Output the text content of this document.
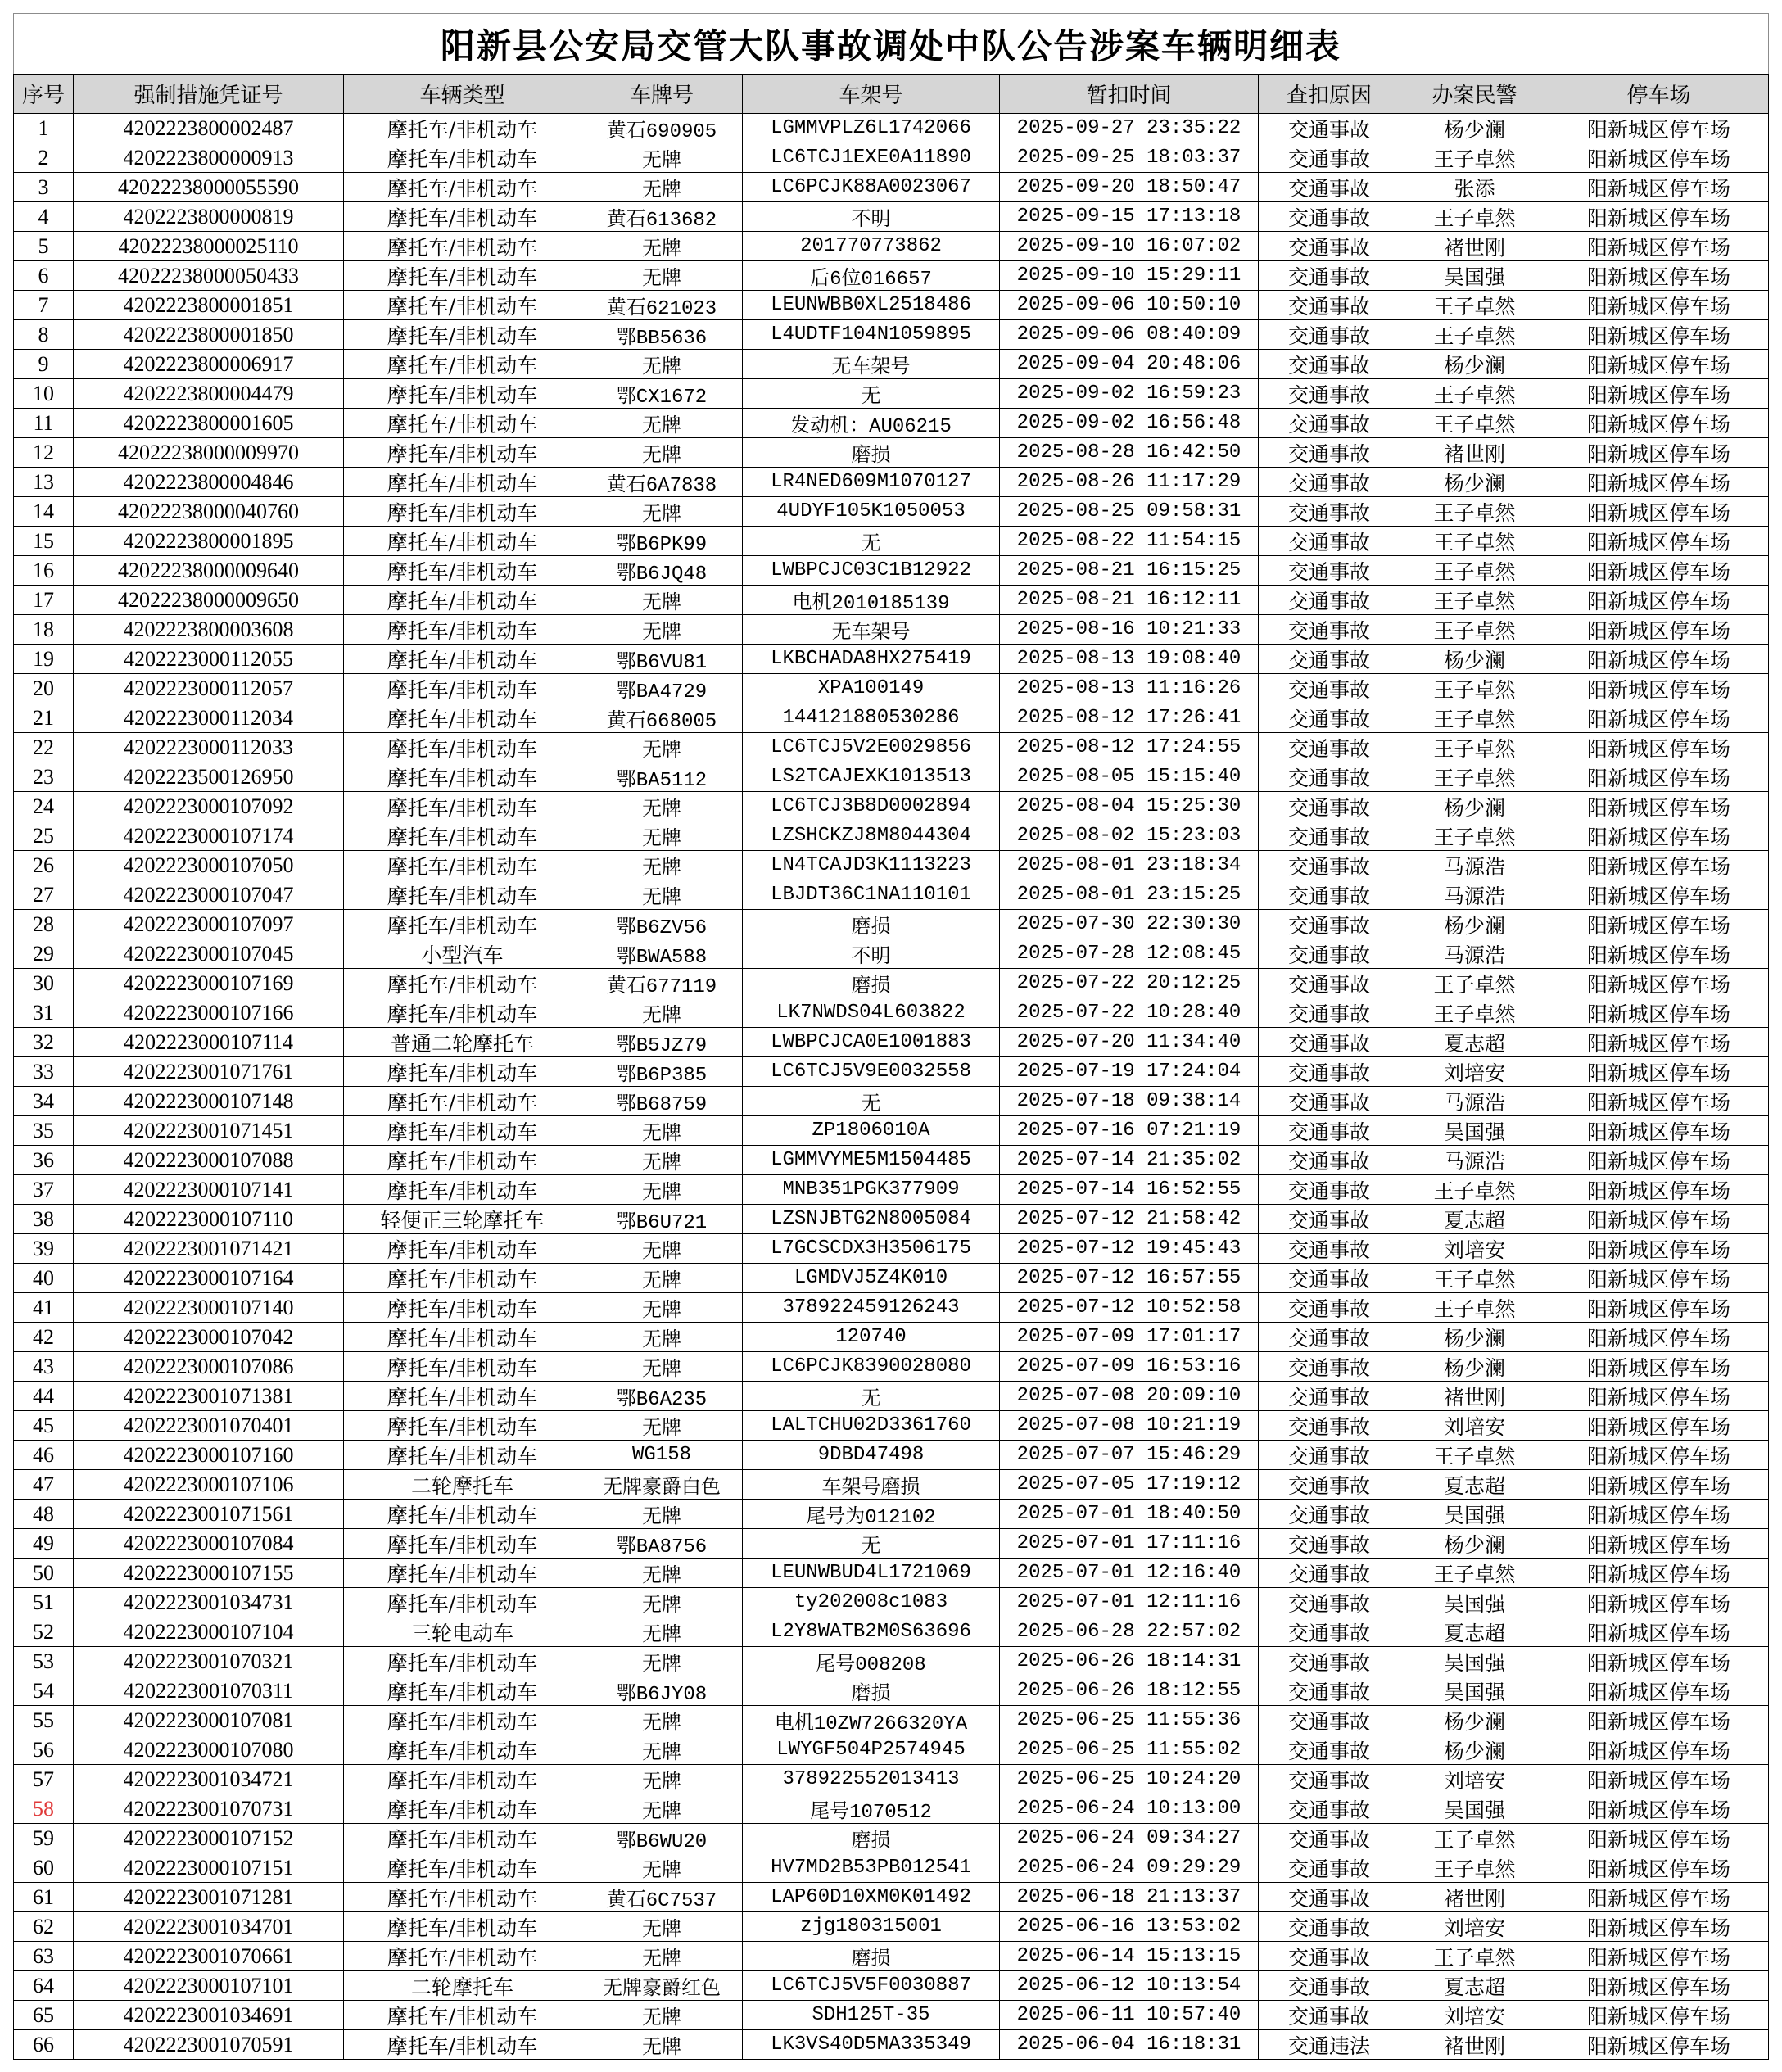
阳新县公安局交管大队事故调处中队公告涉案车辆明细表
序号	强制措施凭证号	车辆类型	车牌号	车架号	暂扣时间	查扣原因	办案民警	停车场
1	4202223800002487	摩托车/非机动车	黄石690905	LGMMVPLZ6L1742066	2025-09-27 23:35:22	交通事故	杨少澜	阳新城区停车场
2	4202223800000913	摩托车/非机动车	无牌	LC6TCJ1EXE0A11890	2025-09-25 18:03:37	交通事故	王子卓然	阳新城区停车场
3	42022238000055590	摩托车/非机动车	无牌	LC6PCJK88A0023067	2025-09-20 18:50:47	交通事故	张添	阳新城区停车场
4	4202223800000819	摩托车/非机动车	黄石613682	不明	2025-09-15 17:13:18	交通事故	王子卓然	阳新城区停车场
5	42022238000025110	摩托车/非机动车	无牌	201770773862	2025-09-10 16:07:02	交通事故	褚世刚	阳新城区停车场
6	42022238000050433	摩托车/非机动车	无牌	后6位016657	2025-09-10 15:29:11	交通事故	吴国强	阳新城区停车场
7	4202223800001851	摩托车/非机动车	黄石621023	LEUNWBB0XL2518486	2025-09-06 10:50:10	交通事故	王子卓然	阳新城区停车场
8	4202223800001850	摩托车/非机动车	鄂BB5636	L4UDTF104N1059895	2025-09-06 08:40:09	交通事故	王子卓然	阳新城区停车场
9	4202223800006917	摩托车/非机动车	无牌	无车架号	2025-09-04 20:48:06	交通事故	杨少澜	阳新城区停车场
10	4202223800004479	摩托车/非机动车	鄂CX1672	无	2025-09-02 16:59:23	交通事故	王子卓然	阳新城区停车场
11	4202223800001605	摩托车/非机动车	无牌	发动机：AU06215	2025-09-02 16:56:48	交通事故	王子卓然	阳新城区停车场
12	42022238000009970	摩托车/非机动车	无牌	磨损	2025-08-28 16:42:50	交通事故	褚世刚	阳新城区停车场
13	4202223800004846	摩托车/非机动车	黄石6A7838	LR4NED609M1070127	2025-08-26 11:17:29	交通事故	杨少澜	阳新城区停车场
14	42022238000040760	摩托车/非机动车	无牌	4UDYF105K1050053	2025-08-25 09:58:31	交通事故	王子卓然	阳新城区停车场
15	4202223800001895	摩托车/非机动车	鄂B6PK99	无	2025-08-22 11:54:15	交通事故	王子卓然	阳新城区停车场
16	42022238000009640	摩托车/非机动车	鄂B6JQ48	LWBPCJC03C1B12922	2025-08-21 16:15:25	交通事故	王子卓然	阳新城区停车场
17	42022238000009650	摩托车/非机动车	无牌	电机2010185139	2025-08-21 16:12:11	交通事故	王子卓然	阳新城区停车场
18	4202223800003608	摩托车/非机动车	无牌	无车架号	2025-08-16 10:21:33	交通事故	王子卓然	阳新城区停车场
19	4202223000112055	摩托车/非机动车	鄂B6VU81	LKBCHADA8HX275419	2025-08-13 19:08:40	交通事故	杨少澜	阳新城区停车场
20	4202223000112057	摩托车/非机动车	鄂BA4729	XPA100149	2025-08-13 11:16:26	交通事故	王子卓然	阳新城区停车场
21	4202223000112034	摩托车/非机动车	黄石668005	144121880530286	2025-08-12 17:26:41	交通事故	王子卓然	阳新城区停车场
22	4202223000112033	摩托车/非机动车	无牌	LC6TCJ5V2E0029856	2025-08-12 17:24:55	交通事故	王子卓然	阳新城区停车场
23	4202223500126950	摩托车/非机动车	鄂BA5112	LS2TCAJEXK1013513	2025-08-05 15:15:40	交通事故	王子卓然	阳新城区停车场
24	4202223000107092	摩托车/非机动车	无牌	LC6TCJ3B8D0002894	2025-08-04 15:25:30	交通事故	杨少澜	阳新城区停车场
25	4202223000107174	摩托车/非机动车	无牌	LZSHCKZJ8M8044304	2025-08-02 15:23:03	交通事故	王子卓然	阳新城区停车场
26	4202223000107050	摩托车/非机动车	无牌	LN4TCAJD3K1113223	2025-08-01 23:18:34	交通事故	马源浩	阳新城区停车场
27	4202223000107047	摩托车/非机动车	无牌	LBJDT36C1NA110101	2025-08-01 23:15:25	交通事故	马源浩	阳新城区停车场
28	4202223000107097	摩托车/非机动车	鄂B6ZV56	磨损	2025-07-30 22:30:30	交通事故	杨少澜	阳新城区停车场
29	4202223000107045	小型汽车	鄂BWA588	不明	2025-07-28 12:08:45	交通事故	马源浩	阳新城区停车场
30	4202223000107169	摩托车/非机动车	黄石677119	磨损	2025-07-22 20:12:25	交通事故	王子卓然	阳新城区停车场
31	4202223000107166	摩托车/非机动车	无牌	LK7NWDS04L603822	2025-07-22 10:28:40	交通事故	王子卓然	阳新城区停车场
32	4202223000107114	普通二轮摩托车	鄂B5JZ79	LWBPCJCA0E1001883	2025-07-20 11:34:40	交通事故	夏志超	阳新城区停车场
33	4202223001071761	摩托车/非机动车	鄂B6P385	LC6TCJ5V9E0032558	2025-07-19 17:24:04	交通事故	刘培安	阳新城区停车场
34	4202223000107148	摩托车/非机动车	鄂B68759	无	2025-07-18 09:38:14	交通事故	马源浩	阳新城区停车场
35	4202223001071451	摩托车/非机动车	无牌	ZP1806010A	2025-07-16 07:21:19	交通事故	吴国强	阳新城区停车场
36	4202223000107088	摩托车/非机动车	无牌	LGMMVYME5M1504485	2025-07-14 21:35:02	交通事故	马源浩	阳新城区停车场
37	4202223000107141	摩托车/非机动车	无牌	MNB351PGK377909	2025-07-14 16:52:55	交通事故	王子卓然	阳新城区停车场
38	4202223000107110	轻便正三轮摩托车	鄂B6U721	LZSNJBTG2N8005084	2025-07-12 21:58:42	交通事故	夏志超	阳新城区停车场
39	4202223001071421	摩托车/非机动车	无牌	L7GCSCDX3H3506175	2025-07-12 19:45:43	交通事故	刘培安	阳新城区停车场
40	4202223000107164	摩托车/非机动车	无牌	LGMDVJ5Z4K010	2025-07-12 16:57:55	交通事故	王子卓然	阳新城区停车场
41	4202223000107140	摩托车/非机动车	无牌	378922459126243	2025-07-12 10:52:58	交通事故	王子卓然	阳新城区停车场
42	4202223000107042	摩托车/非机动车	无牌	120740	2025-07-09 17:01:17	交通事故	杨少澜	阳新城区停车场
43	4202223000107086	摩托车/非机动车	无牌	LC6PCJK8390028080	2025-07-09 16:53:16	交通事故	杨少澜	阳新城区停车场
44	4202223001071381	摩托车/非机动车	鄂B6A235	无	2025-07-08 20:09:10	交通事故	褚世刚	阳新城区停车场
45	4202223001070401	摩托车/非机动车	无牌	LALTCHU02D3361760	2025-07-08 10:21:19	交通事故	刘培安	阳新城区停车场
46	4202223000107160	摩托车/非机动车	WG158	9DBD47498	2025-07-07 15:46:29	交通事故	王子卓然	阳新城区停车场
47	4202223000107106	二轮摩托车	无牌豪爵白色	车架号磨损	2025-07-05 17:19:12	交通事故	夏志超	阳新城区停车场
48	4202223001071561	摩托车/非机动车	无牌	尾号为012102	2025-07-01 18:40:50	交通事故	吴国强	阳新城区停车场
49	4202223000107084	摩托车/非机动车	鄂BA8756	无	2025-07-01 17:11:16	交通事故	杨少澜	阳新城区停车场
50	4202223000107155	摩托车/非机动车	无牌	LEUNWBUD4L1721069	2025-07-01 12:16:40	交通事故	王子卓然	阳新城区停车场
51	4202223001034731	摩托车/非机动车	无牌	ty202008c1083	2025-07-01 12:11:16	交通事故	吴国强	阳新城区停车场
52	4202223000107104	三轮电动车	无牌	L2Y8WATB2M0S63696	2025-06-28 22:57:02	交通事故	夏志超	阳新城区停车场
53	4202223001070321	摩托车/非机动车	无牌	尾号008208	2025-06-26 18:14:31	交通事故	吴国强	阳新城区停车场
54	4202223001070311	摩托车/非机动车	鄂B6JY08	磨损	2025-06-26 18:12:55	交通事故	吴国强	阳新城区停车场
55	4202223000107081	摩托车/非机动车	无牌	电机10ZW7266320YA	2025-06-25 11:55:36	交通事故	杨少澜	阳新城区停车场
56	4202223000107080	摩托车/非机动车	无牌	LWYGF504P2574945	2025-06-25 11:55:02	交通事故	杨少澜	阳新城区停车场
57	4202223001034721	摩托车/非机动车	无牌	378922552013413	2025-06-25 10:24:20	交通事故	刘培安	阳新城区停车场
58	4202223001070731	摩托车/非机动车	无牌	尾号1070512	2025-06-24 10:13:00	交通事故	吴国强	阳新城区停车场
59	4202223000107152	摩托车/非机动车	鄂B6WU20	磨损	2025-06-24 09:34:27	交通事故	王子卓然	阳新城区停车场
60	4202223000107151	摩托车/非机动车	无牌	HV7MD2B53PB012541	2025-06-24 09:29:29	交通事故	王子卓然	阳新城区停车场
61	4202223001071281	摩托车/非机动车	黄石6C7537	LAP60D10XM0K01492	2025-06-18 21:13:37	交通事故	褚世刚	阳新城区停车场
62	4202223001034701	摩托车/非机动车	无牌	zjg180315001	2025-06-16 13:53:02	交通事故	刘培安	阳新城区停车场
63	4202223001070661	摩托车/非机动车	无牌	磨损	2025-06-14 15:13:15	交通事故	王子卓然	阳新城区停车场
64	4202223000107101	二轮摩托车	无牌豪爵红色	LC6TCJ5V5F0030887	2025-06-12 10:13:54	交通事故	夏志超	阳新城区停车场
65	4202223001034691	摩托车/非机动车	无牌	SDH125T-35	2025-06-11 10:57:40	交通事故	刘培安	阳新城区停车场
66	4202223001070591	摩托车/非机动车	无牌	LK3VS40D5MA335349	2025-06-04 16:18:31	交通违法	褚世刚	阳新城区停车场
